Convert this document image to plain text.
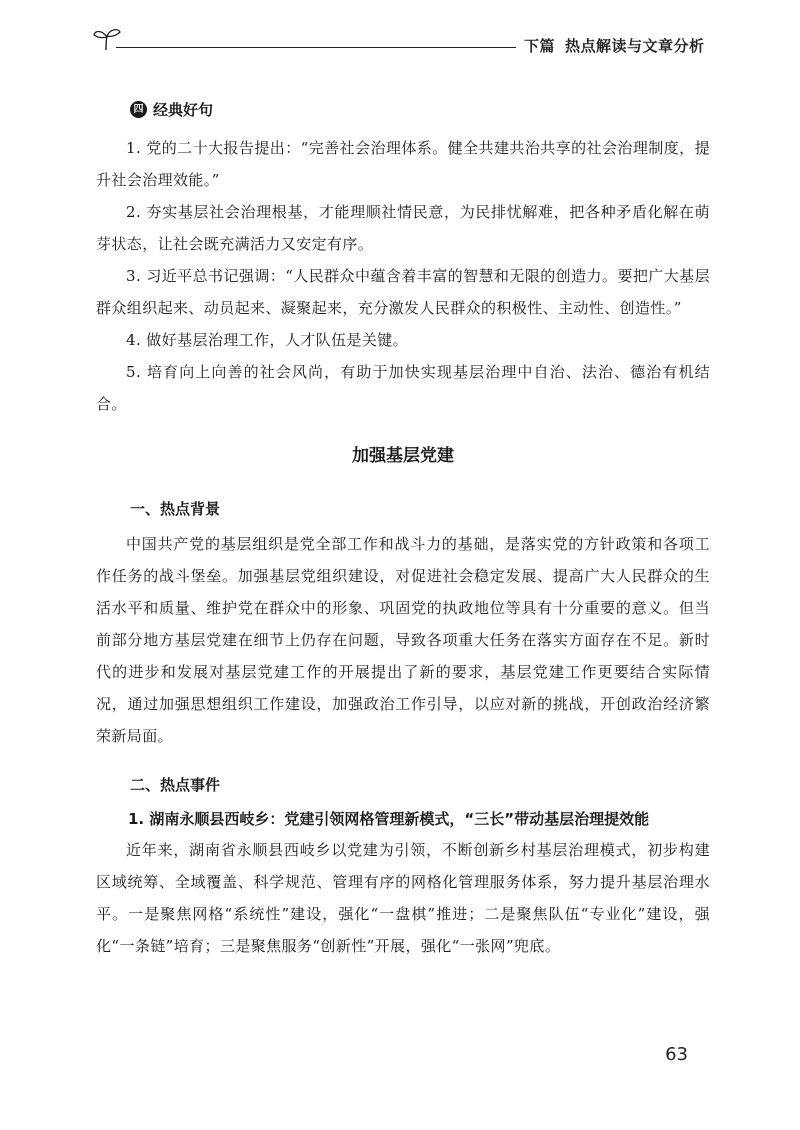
下篇 热点解读与文章分析
四 经典好句

1. 党的二十大报告提出：“完善社会治理体系。健全共建共治共享的社会治理制度，提升社会治理效能。”

2. 夯实基层社会治理根基，才能理顺社情民意，为民排忧解难，把各种矛盾化解在萌芽状态，让社会既充满活力又安定有序。

3. 习近平总书记强调：“人民群众中蕴含着丰富的智慧和无限的创造力。要把广大基层群众组织起来、动员起来、凝聚起来，充分激发人民群众的积极性、主动性、创造性。”

4. 做好基层治理工作，人才队伍是关键。

5. 培育向上向善的社会风尚，有助于加快实现基层治理中自治、法治、德治有机结合。

加强基层党建
一、热点背景

中国共产党的基层组织是党全部工作和战斗力的基础，是落实党的方针政策和各项工作任务的战斗堡垒。加强基层党组织建设，对促进社会稳定发展、提高广大人民群众的生活水平和质量、维护党在群众中的形象、巩固党的执政地位等具有十分重要的意义。但当前部分地方基层党建在细节上仍存在问题，导致各项重大任务在落实方面存在不足。新时代的进步和发展对基层党建工作的开展提出了新的要求，基层党建工作更要结合实际情况，通过加强思想组织工作建设，加强政治工作引导，以应对新的挑战，开创政治经济繁荣新局面。

二、热点事件
1. 湖南永顺县西岐乡：党建引领网格管理新模式，“三长”带动基层治理提效能

近年来，湖南省永顺县西岐乡以党建为引领，不断创新乡村基层治理模式，初步构建区域统筹、全域覆盖、科学规范、管理有序的网格化管理服务体系，努力提升基层治理水平。一是聚焦网格“系统性”建设，强化“一盘棋”推进；二是聚焦队伍“专业化”建设，强化“一条链”培育；三是聚焦服务“创新性”开展，强化“一张网”兜底。

63
